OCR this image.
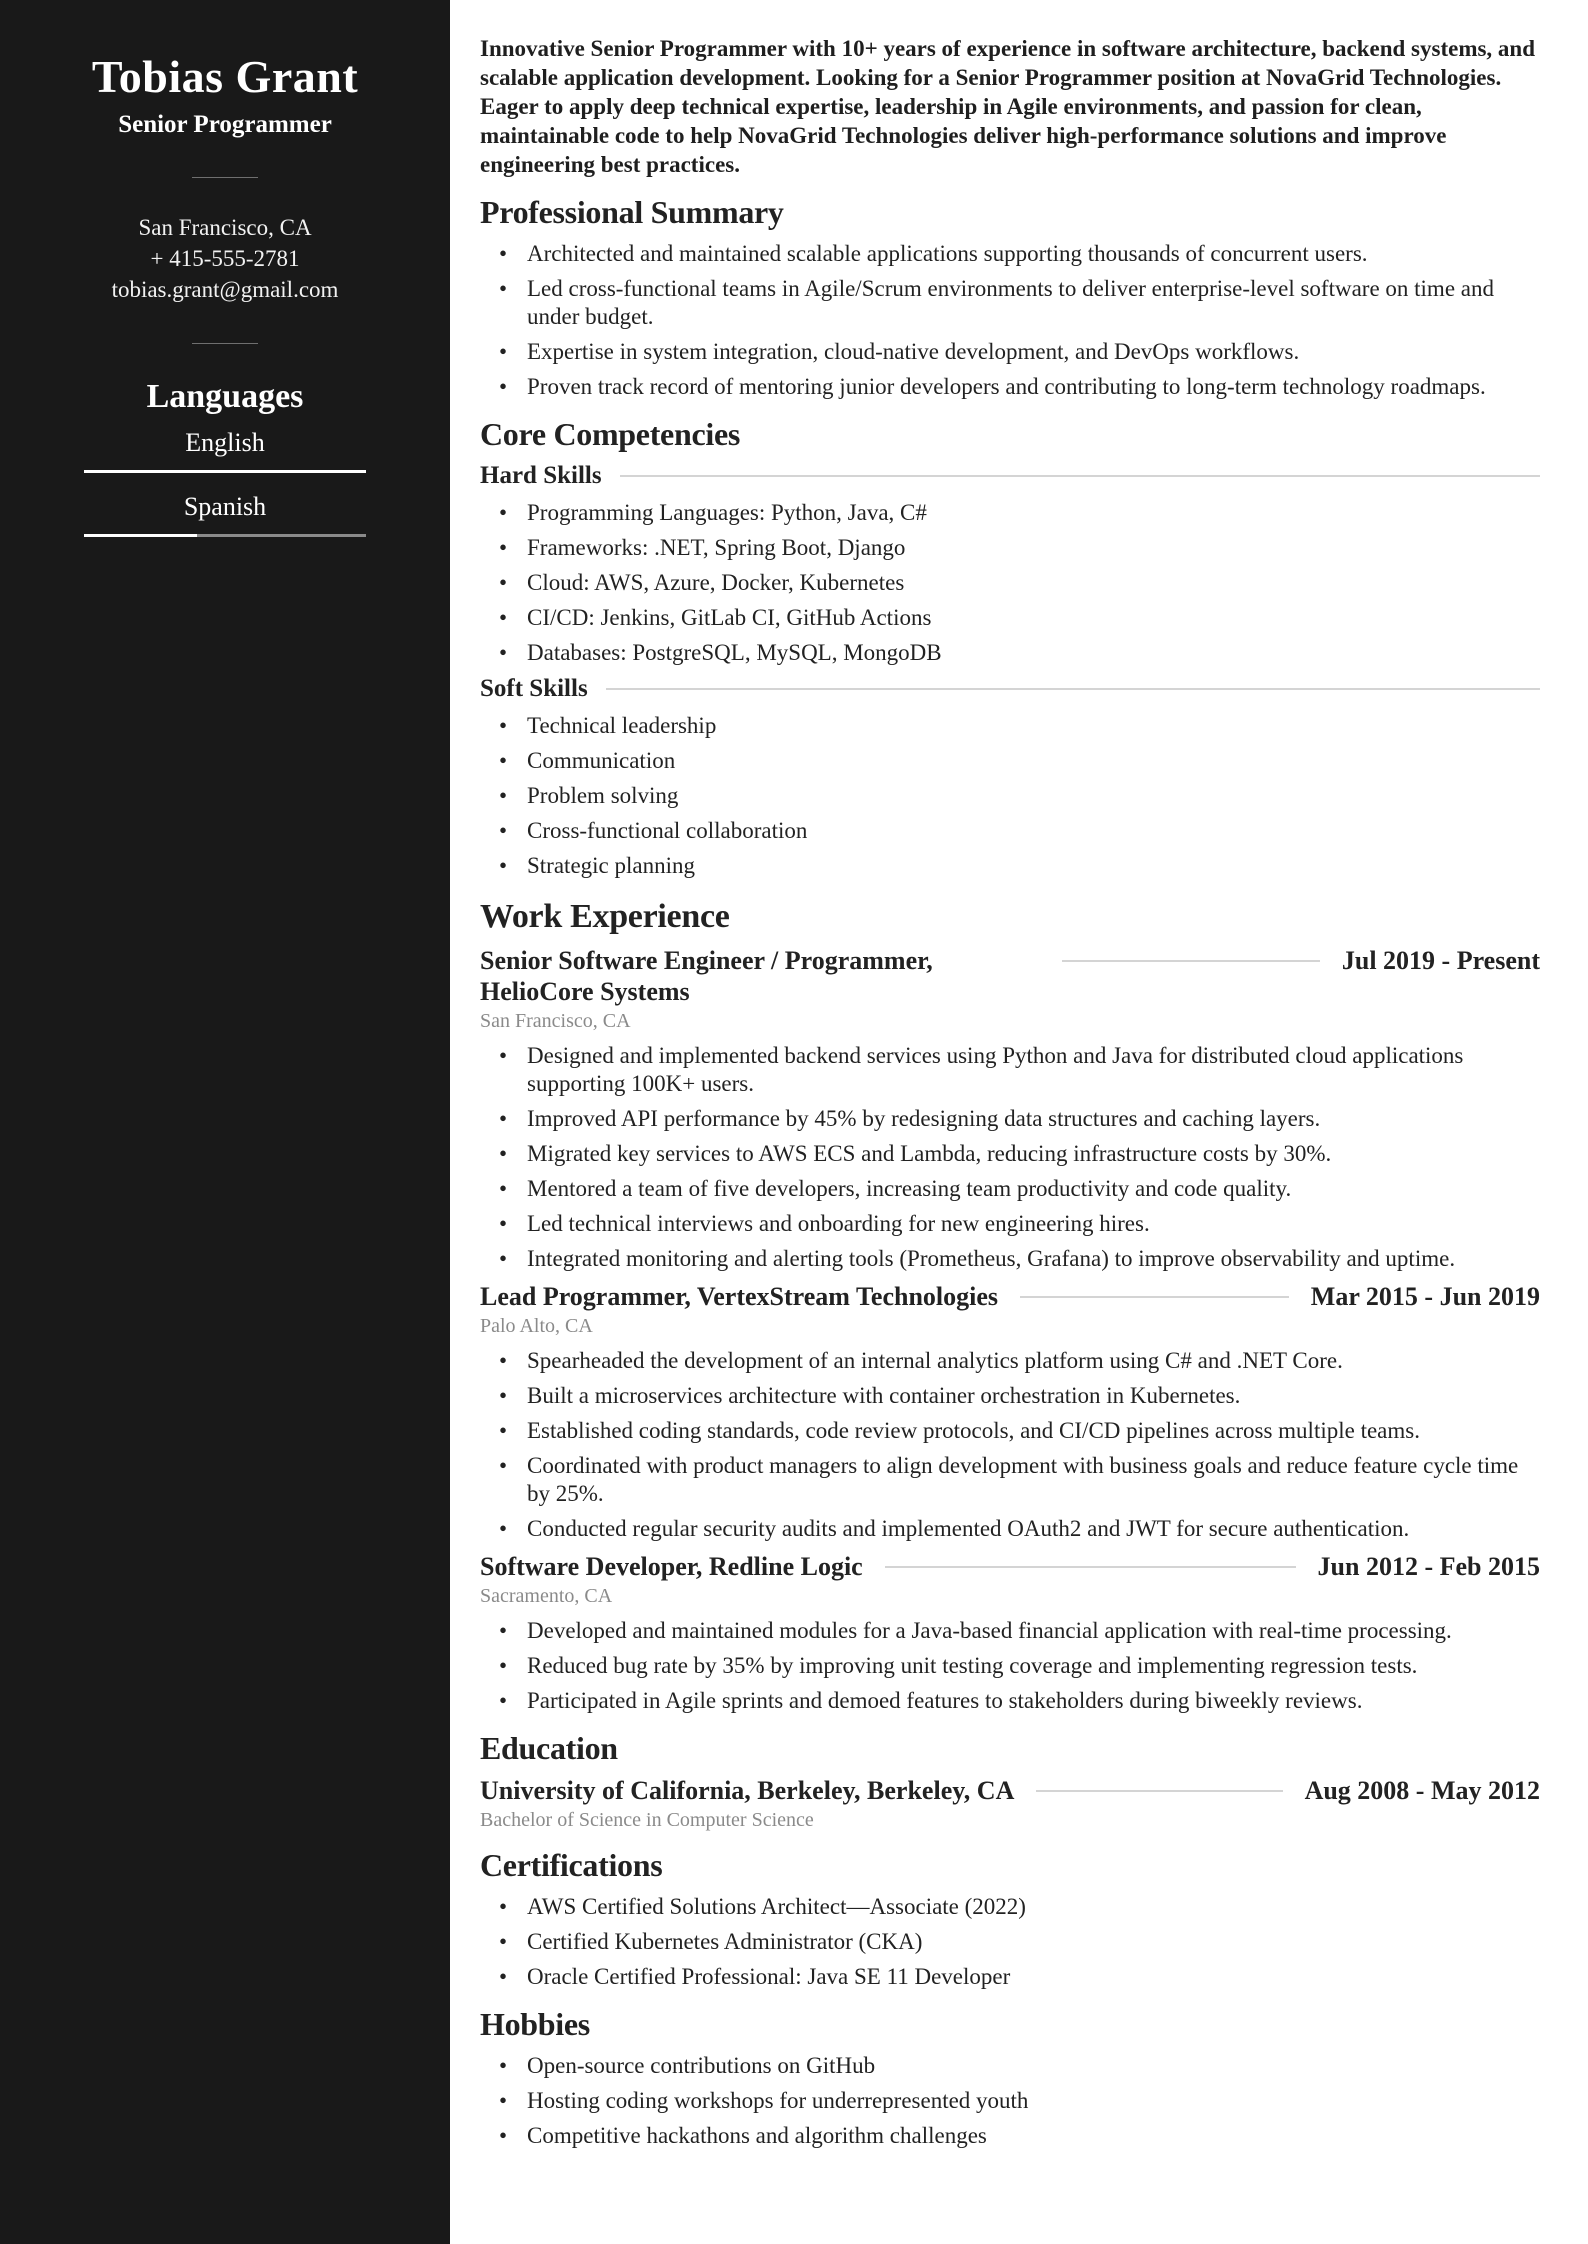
Tobias Grant
Senior Programmer
San Francisco, CA
+ 415-555-2781
tobias.grant@gmail.com
Languages
English
Spanish

Innovative Senior Programmer with 10+ years of experience in software architecture, backend systems, and scalable application development. Looking for a Senior Programmer position at NovaGrid Technologies. Eager to apply deep technical expertise, leadership in Agile environments, and passion for clean, maintainable code to help NovaGrid Technologies deliver high-performance solutions and improve engineering best practices.

Professional Summary
• Architected and maintained scalable applications supporting thousands of concurrent users.
• Led cross-functional teams in Agile/Scrum environments to deliver enterprise-level software on time and under budget.
• Expertise in system integration, cloud-native development, and DevOps workflows.
• Proven track record of mentoring junior developers and contributing to long-term technology roadmaps.
Core Competencies
Hard Skills
• Programming Languages: Python, Java, C#
• Frameworks: .NET, Spring Boot, Django
• Cloud: AWS, Azure, Docker, Kubernetes
• CI/CD: Jenkins, GitLab CI, GitHub Actions
• Databases: PostgreSQL, MySQL, MongoDB
Soft Skills
• Technical leadership
• Communication
• Problem solving
• Cross-functional collaboration
• Strategic planning
Work Experience
Senior Software Engineer / Programmer, HelioCore Systems
Jul 2019 - Present
San Francisco, CA
• Designed and implemented backend services using Python and Java for distributed cloud applications supporting 100K+ users.
• Improved API performance by 45% by redesigning data structures and caching layers.
• Migrated key services to AWS ECS and Lambda, reducing infrastructure costs by 30%.
• Mentored a team of five developers, increasing team productivity and code quality.
• Led technical interviews and onboarding for new engineering hires.
• Integrated monitoring and alerting tools (Prometheus, Grafana) to improve observability and uptime.
Lead Programmer, VertexStream Technologies	Mar 2015 - Jun 2019
Palo Alto, CA
• Spearheaded the development of an internal analytics platform using C# and .NET Core.
• Built a microservices architecture with container orchestration in Kubernetes.
• Established coding standards, code review protocols, and CI/CD pipelines across multiple teams.
• Coordinated with product managers to align development with business goals and reduce feature cycle time by 25%.
• Conducted regular security audits and implemented OAuth2 and JWT for secure authentication.
Software Developer, Redline Logic	Jun 2012 - Feb 2015
Sacramento, CA
• Developed and maintained modules for a Java-based financial application with real-time processing.
• Reduced bug rate by 35% by improving unit testing coverage and implementing regression tests.
• Participated in Agile sprints and demoed features to stakeholders during biweekly reviews.
Education
University of California, Berkeley, Berkeley, CA	Aug 2008 - May 2012
Bachelor of Science in Computer Science
Certifications
• AWS Certified Solutions Architect—Associate (2022)
• Certified Kubernetes Administrator (CKA)
• Oracle Certified Professional: Java SE 11 Developer
Hobbies
• Open-source contributions on GitHub
• Hosting coding workshops for underrepresented youth
• Competitive hackathons and algorithm challenges
